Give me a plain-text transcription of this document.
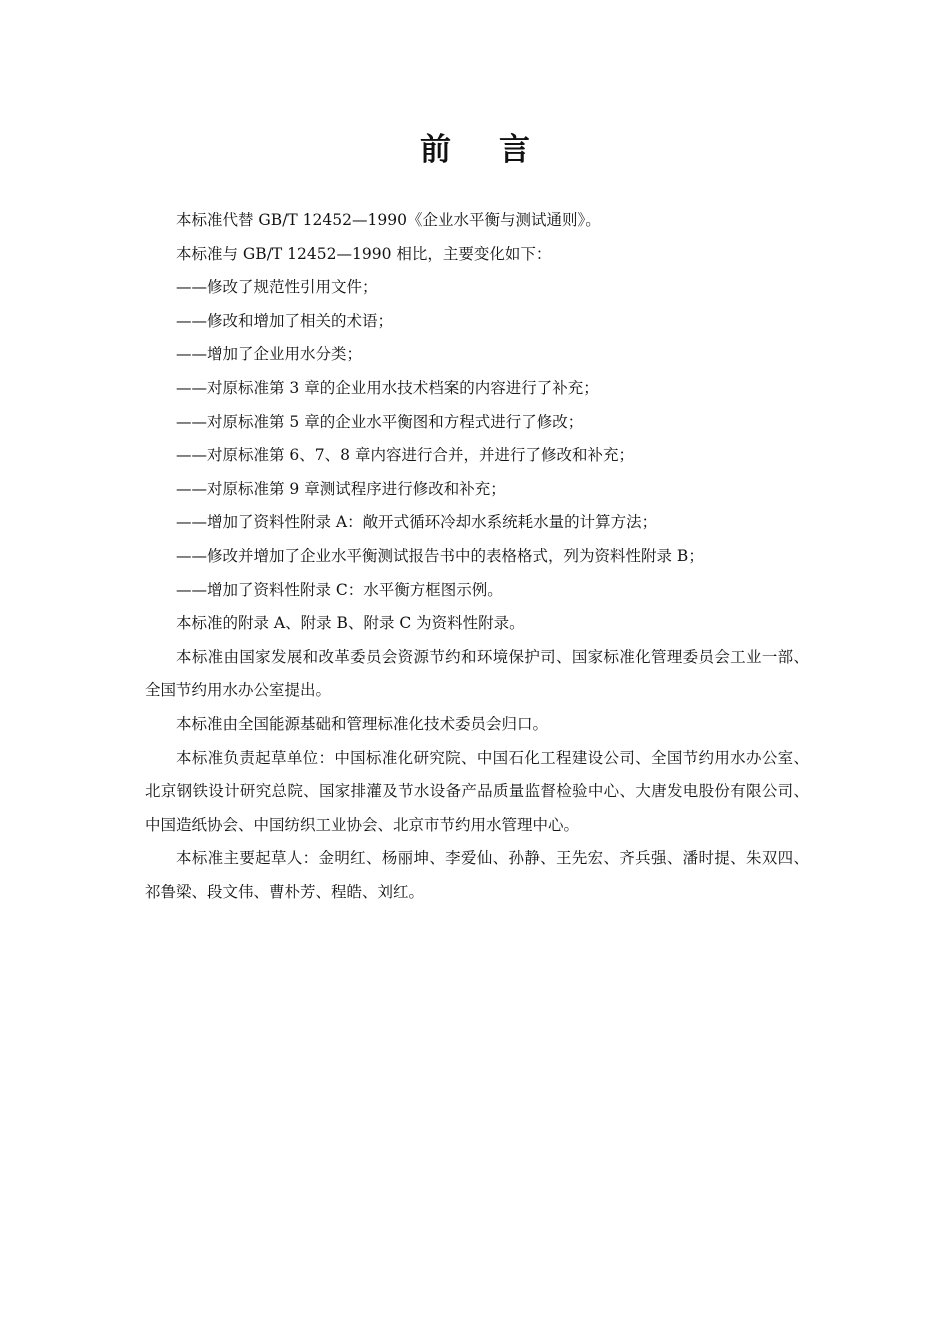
前言

本标准代替 GB/T 12452—1990《企业水平衡与测试通则》。

本标准与 GB/T 12452—1990 相比，主要变化如下：

——修改了规范性引用文件；

——修改和增加了相关的术语；

——增加了企业用水分类；

——对原标准第 3 章的企业用水技术档案的内容进行了补充；

——对原标准第 5 章的企业水平衡图和方程式进行了修改；

——对原标准第 6、7、8 章内容进行合并，并进行了修改和补充；

——对原标准第 9 章测试程序进行修改和补充；

——增加了资料性附录 A：敞开式循环冷却水系统耗水量的计算方法；

——修改并增加了企业水平衡测试报告书中的表格格式，列为资料性附录 B；

——增加了资料性附录 C：水平衡方框图示例。

本标准的附录 A、附录 B、附录 C 为资料性附录。

本标准由国家发展和改革委员会资源节约和环境保护司、国家标准化管理委员会工业一部、全国节约用水办公室提出。

本标准由全国能源基础和管理标准化技术委员会归口。

本标准负责起草单位：中国标准化研究院、中国石化工程建设公司、全国节约用水办公室、北京钢铁设计研究总院、国家排灌及节水设备产品质量监督检验中心、大唐发电股份有限公司、中国造纸协会、中国纺织工业协会、北京市节约用水管理中心。

本标准主要起草人：金明红、杨丽坤、李爱仙、孙静、王先宏、齐兵强、潘时提、朱双四、祁鲁梁、段文伟、曹朴芳、程皓、刘红。
